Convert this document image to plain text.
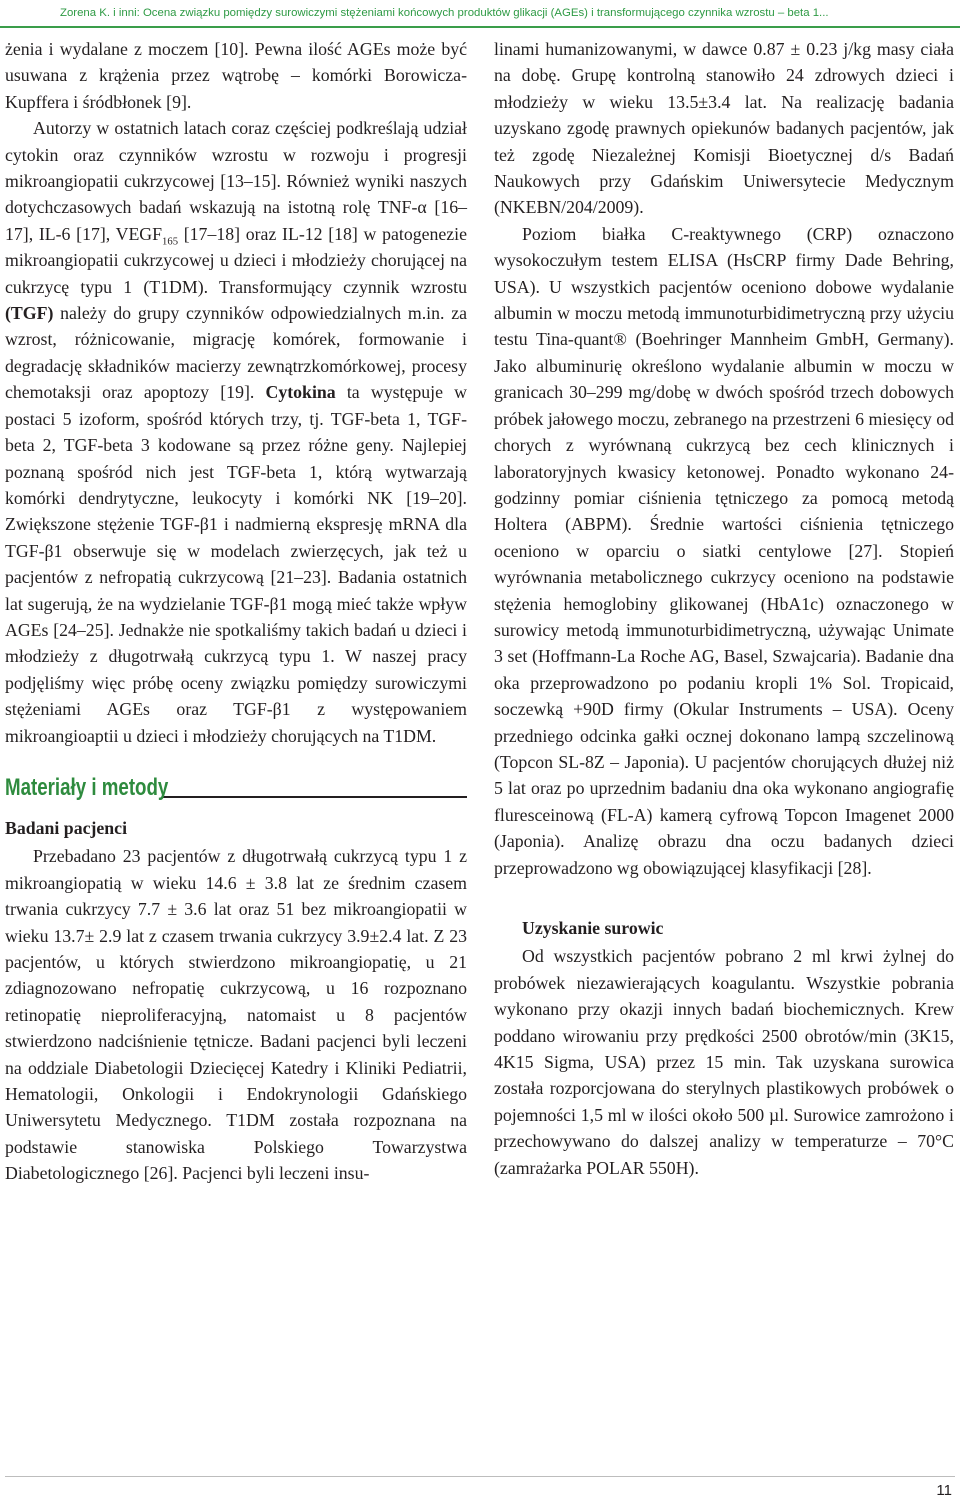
Zorena K. i inni: Ocena związku pomiędzy surowiczymi stężeniami końcowych produktów glikacji (AGEs) i transformującego czynnika wzrostu – beta 1...

żenia i wydalane z moczem [10]. Pewna ilość AGEs może być usuwana z krążenia przez wątrobę – komórki Borowicza-Kupffera i śródbłonek [9].

Autorzy w ostatnich latach coraz częściej podkreślają udział cytokin oraz czynników wzrostu w rozwoju i progresji mikroangiopatii cukrzycowej [13–15]. Również wyniki naszych dotychczasowych badań wskazują na istotną rolę TNF-α [16–17], IL-6 [17], $VEGF_{165}$ [17–18] oraz IL-12 [18] w patogenezie mikroangiopatii cukrzycowej u dzieci i młodzieży chorującej na cukrzycę typu 1 (T1DM). Transformujący czynnik wzrostu (TGF) należy do grupy czynników odpowiedzialnych m.in. za wzrost, różnicowanie, migrację komórek, formowanie i degradację składników macierzy zewnątrzkomórkowej, procesy chemotaksji oraz apoptozy [19]. Cytokina ta występuje w postaci 5 izoform, spośród których trzy, tj. TGF-beta 1, TGF-beta 2, TGF-beta 3 kodowane są przez różne geny. Najlepiej poznaną spośród nich jest TGF-beta 1, którą wytwarzają komórki dendrytyczne, leukocyty i komórki NK [19–20]. Zwiększone stężenie TGF-β1 i nadmierną ekspresję mRNA dla TGF-β1 obserwuje się w modelach zwierzęcych, jak też u pacjentów z nefropatią cukrzycową [21–23]. Badania ostatnich lat sugerują, że na wydzielanie TGF-β1 mogą mieć także wpływ AGEs [24–25]. Jednakże nie spotkaliśmy takich badań u dzieci i młodzieży z długotrwałą cukrzycą typu 1. W naszej pracy podjęliśmy więc próbę oceny związku pomiędzy surowiczymi stężeniami AGEs oraz TGF-β1 z występowaniem mikroangioaptii u dzieci i młodzieży chorujących na T1DM.

Materiały i metody

Badani pacjenci

Przebadano 23 pacjentów z długotrwałą cukrzycą typu 1 z mikroangiopatią w wieku 14.6 ± 3.8 lat ze średnim czasem trwania cukrzycy 7.7 ± 3.6 lat oraz 51 bez mikroangiopatii w wieku 13.7± 2.9 lat z czasem trwania cukrzycy 3.9±2.4 lat. Z 23 pacjentów, u których stwierdzono mikroangiopatię, u 21 zdiagnozowano nefropatię cukrzycową, u 16 rozpoznano retinopatię nieproliferacyjną, natomaist u 8 pacjentów stwierdzono nadciśnienie tętnicze. Badani pacjenci byli leczeni na oddziale Diabetologii Dziecięcej Katedry i Kliniki Pediatrii, Hematologii, Onkologii i Endokrynologii Gdańskiego Uniwersytetu Medycznego. T1DM została rozpoznana na podstawie stanowiska Polskiego Towarzystwa Diabetologicznego [26]. Pacjenci byli leczeni insu-

linami humanizowanymi, w dawce 0.87 ± 0.23 j/kg masy ciała na dobę. Grupę kontrolną stanowiło 24 zdrowych dzieci i młodzieży w wieku 13.5±3.4 lat. Na realizację badania uzyskano zgodę prawnych opiekunów badanych pacjentów, jak też zgodę Niezależnej Komisji Bioetycznej d/s Badań Naukowych przy Gdańskim Uniwersytecie Medycznym (NKEBN/204/2009).

Poziom białka C-reaktywnego (CRP) oznaczono wysokoczułym testem ELISA (HsCRP firmy Dade Behring, USA). U wszystkich pacjentów oceniono dobowe wydalanie albumin w moczu metodą immunoturbidimetryczną przy użyciu testu Tina-quant® (Boehringer Mannheim GmbH, Germany). Jako albuminurię określono wydalanie albumin w moczu w granicach 30–299 mg/dobę w dwóch spośród trzech dobowych próbek jałowego moczu, zebranego na przestrzeni 6 miesięcy od chorych z wyrównaną cukrzycą bez cech klinicznych i laboratoryjnych kwasicy ketonowej. Ponadto wykonano 24-godzinny pomiar ciśnienia tętniczego za pomocą metodą Holtera (ABPM). Średnie wartości ciśnienia tętniczego oceniono w oparciu o siatki centylowe [27]. Stopień wyrównania metabolicznego cukrzycy oceniono na podstawie stężenia hemoglobiny glikowanej (HbA1c) oznaczonego w surowicy metodą immunoturbidimetryczną, używając Unimate 3 set (Hoffmann-La Roche AG, Basel, Szwajcaria). Badanie dna oka przeprowadzono po podaniu kropli 1% Sol. Tropicaid, soczewką +90D firmy (Okular Instruments – USA). Oceny przedniego odcinka gałki ocznej dokonano lampą szczelinową (Topcon SL-8Z – Japonia). U pacjentów chorujących dłużej niż 5 lat oraz po uprzednim badaniu dna oka wykonano angiografię fluresceinową (FL-A) kamerą cyfrową Topcon Imagenet 2000 (Japonia). Analizę obrazu dna oczu badanych dzieci przeprowadzono wg obowiązującej klasyfikacji [28].

Uzyskanie surowic

Od wszystkich pacjentów pobrano 2 ml krwi żylnej do probówek niezawierających koagulantu. Wszystkie pobrania wykonano przy okazji innych badań biochemicznych. Krew poddano wirowaniu przy prędkości 2500 obrotów/min (3K15, 4K15 Sigma, USA) przez 15 min. Tak uzyskana surowica została rozporcjowana do sterylnych plastikowych probówek o pojemności 1,5 ml w ilości około 500 µl. Surowice zamrożono i przechowywano do dalszej analizy w temperaturze – 70°C (zamrażarka POLAR 550H).

11
